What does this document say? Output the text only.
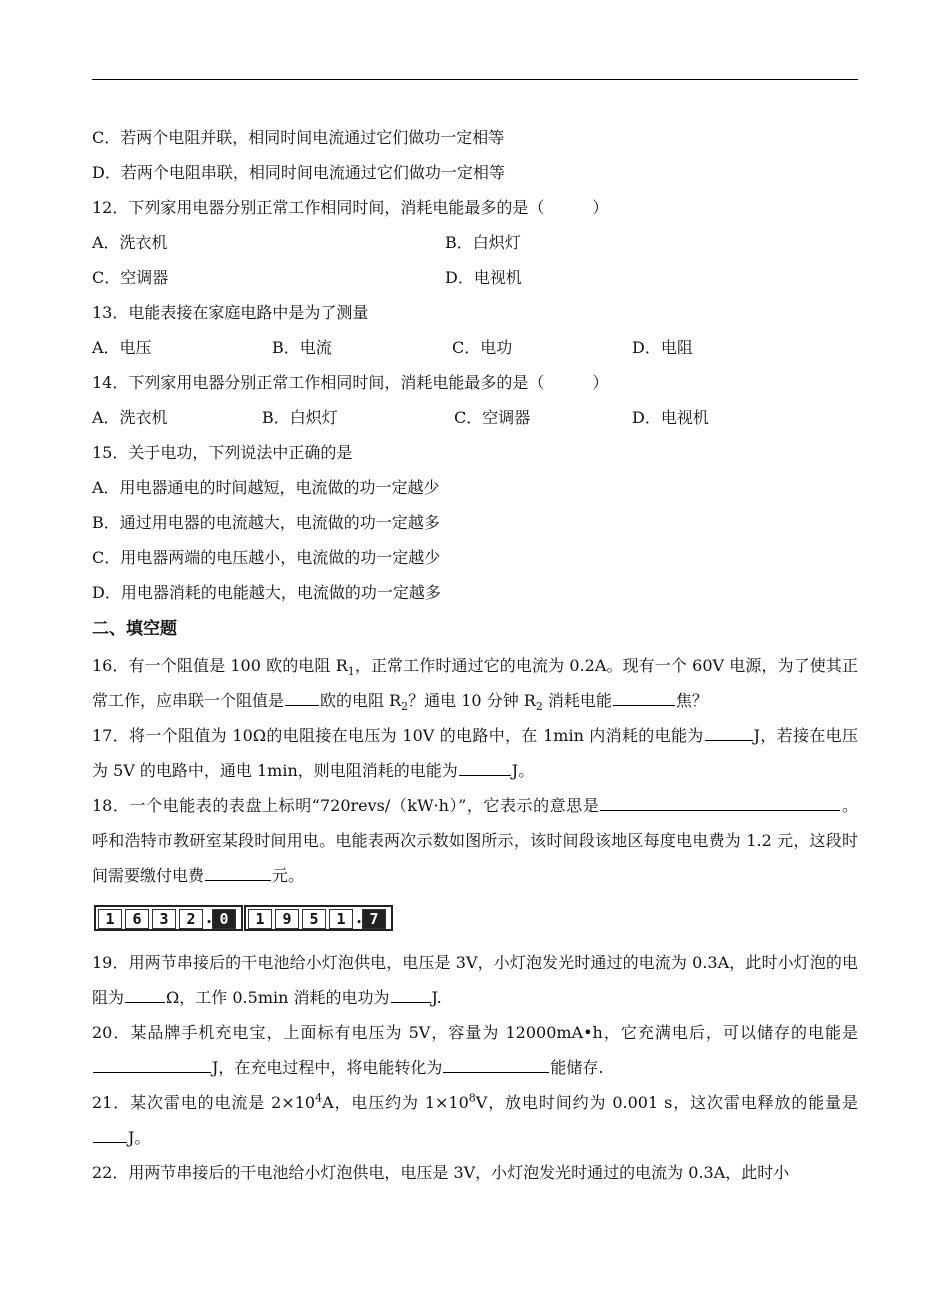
C．若两个电阻并联，相同时间电流通过它们做功一定相等
D．若两个电阻串联，相同时间电流通过它们做功一定相等
12．下列家用电器分别正常工作相同时间，消耗电能最多的是（　　　）
A．洗衣机	B．白炽灯
C．空调器	D．电视机
13．电能表接在家庭电路中是为了测量
A．电压	B．电流	C．电功	D．电阻
14．下列家用电器分别正常工作相同时间，消耗电能最多的是（　　　）
A．洗衣机	B．白炽灯	C．空调器	D．电视机
15．关于电功，下列说法中正确的是
A．用电器通电的时间越短，电流做的功一定越少
B．通过用电器的电流越大，电流做的功一定越多
C．用电器两端的电压越小，电流做的功一定越少
D．用电器消耗的电能越大，电流做的功一定越多
二、填空题
16．有一个阻值是 100 欧的电阻 $R_1$，正常工作时通过它的电流为 0.2A。现有一个 60V 电源，为了使其正常工作，应串联一个阻值是 欧的电阻 $R_2$？通电 10 分钟 $R_2$ 消耗电能	焦？
17．将一个阻值为 10Ω的电阻接在电压为 10V 的电路中，在 1min 内消耗的电能为	J，若接在电压为 5V 的电路中，通电 1min，则电阻消耗的电能为	J。
18．一个电能表的表盘上标明“720revs/（kW·h）”，它表示的意思是	。呼和浩特市教研室某段时间用电。电能表两次示数如图所示，该时间段该地区每度电电费为 1.2 元，这段时间需要缴付电费	元。
1	6	3	2 . 0	1	9	5	1 . 7
19．用两节串接后的干电池给小灯泡供电，电压是 3V，小灯泡发光时通过的电流为 0.3A，此时小灯泡的电阻为	Ω，工作 0.5min 消耗的电功为	J.
20．某品牌手机充电宝，上面标有电压为 5V，容量为 12000mA•h，它充满电后，可以储存的电能是J，在充电过程中，将电能转化为	能储存.
21．某次雷电的电流是 $2\times 10^4A$，电压约为 $1\times 10^8V$，放电时间约为 0.001 s，这次雷电释放的能量是J。
22．用两节串接后的干电池给小灯泡供电，电压是 3V，小灯泡发光时通过的电流为 0.3A，此时小
